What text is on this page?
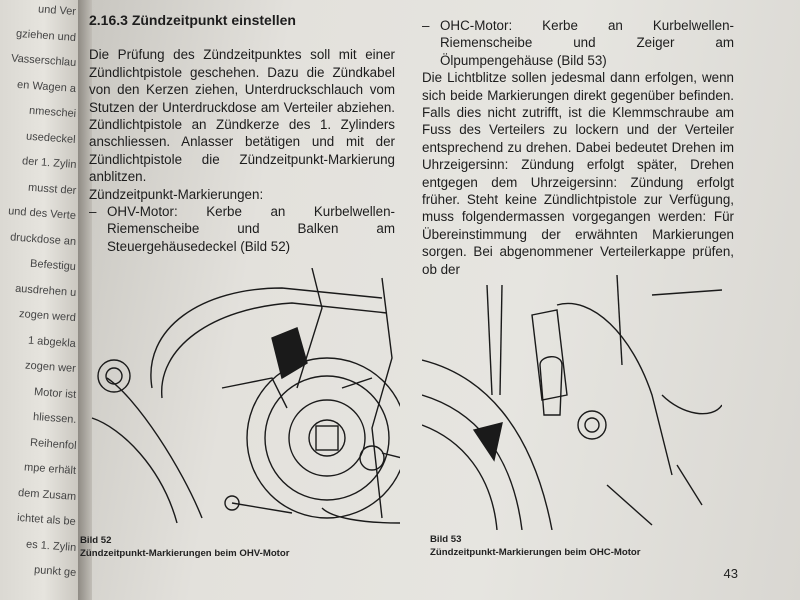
und Ver
gziehen und
Vasserschlau
en Wagen a
nmeschei
usedeckel
der 1. Zylin
musst der
und des Verte
druckdose an
Befestigu
ausdrehen u
zogen werd
1 abgekla
zogen wer
Motor ist
hliessen.
Reihenfol
mpe erhält
dem Zusam
ichtet als be
es 1. Zylin
punkt ge

2.16.3 Zündzeitpunkt einstellen

Die Prüfung des Zündzeitpunktes soll mit einer Zündlichtpistole geschehen. Dazu die Zündkabel von den Kerzen ziehen, Unterdruckschlauch vom Stutzen der Unterdruckdose am Verteiler abziehen. Zündlichtpistole an Zündkerze des 1. Zylinders anschliessen. Anlasser betätigen und mit der Zündlichtpistole die Zündzeitpunkt-Markierung anblitzen.

Zündzeitpunkt-Markierungen:

– OHV-Motor: Kerbe an Kurbelwellen-Riemenscheibe und Balken am Steuergehäusedeckel (Bild 52)
– OHC-Motor: Kerbe an Kurbelwellen-Riemenscheibe und Zeiger am Ölpumpengehäuse (Bild 53)

Die Lichtblitze sollen jedesmal dann erfolgen, wenn sich beide Markierungen direkt gegenüber befinden. Falls dies nicht zutrifft, ist die Klemmschraube am Fuss des Verteilers zu lockern und der Verteiler entsprechend zu drehen. Dabei bedeutet Drehen im Uhrzeigersinn: Zündung erfolgt später, Drehen entgegen dem Uhrzeigersinn: Zündung erfolgt früher. Steht keine Zündlichtpistole zur Verfügung, muss folgendermassen vorgegangen werden: Für Übereinstimmung der erwähnten Markierungen sorgen. Bei abgenommener Verteilerkappe prüfen, ob der

Bild 52
Zündzeitpunkt-Markierungen beim OHV-Motor
Bild 53
Zündzeitpunkt-Markierungen beim OHC-Motor
43
